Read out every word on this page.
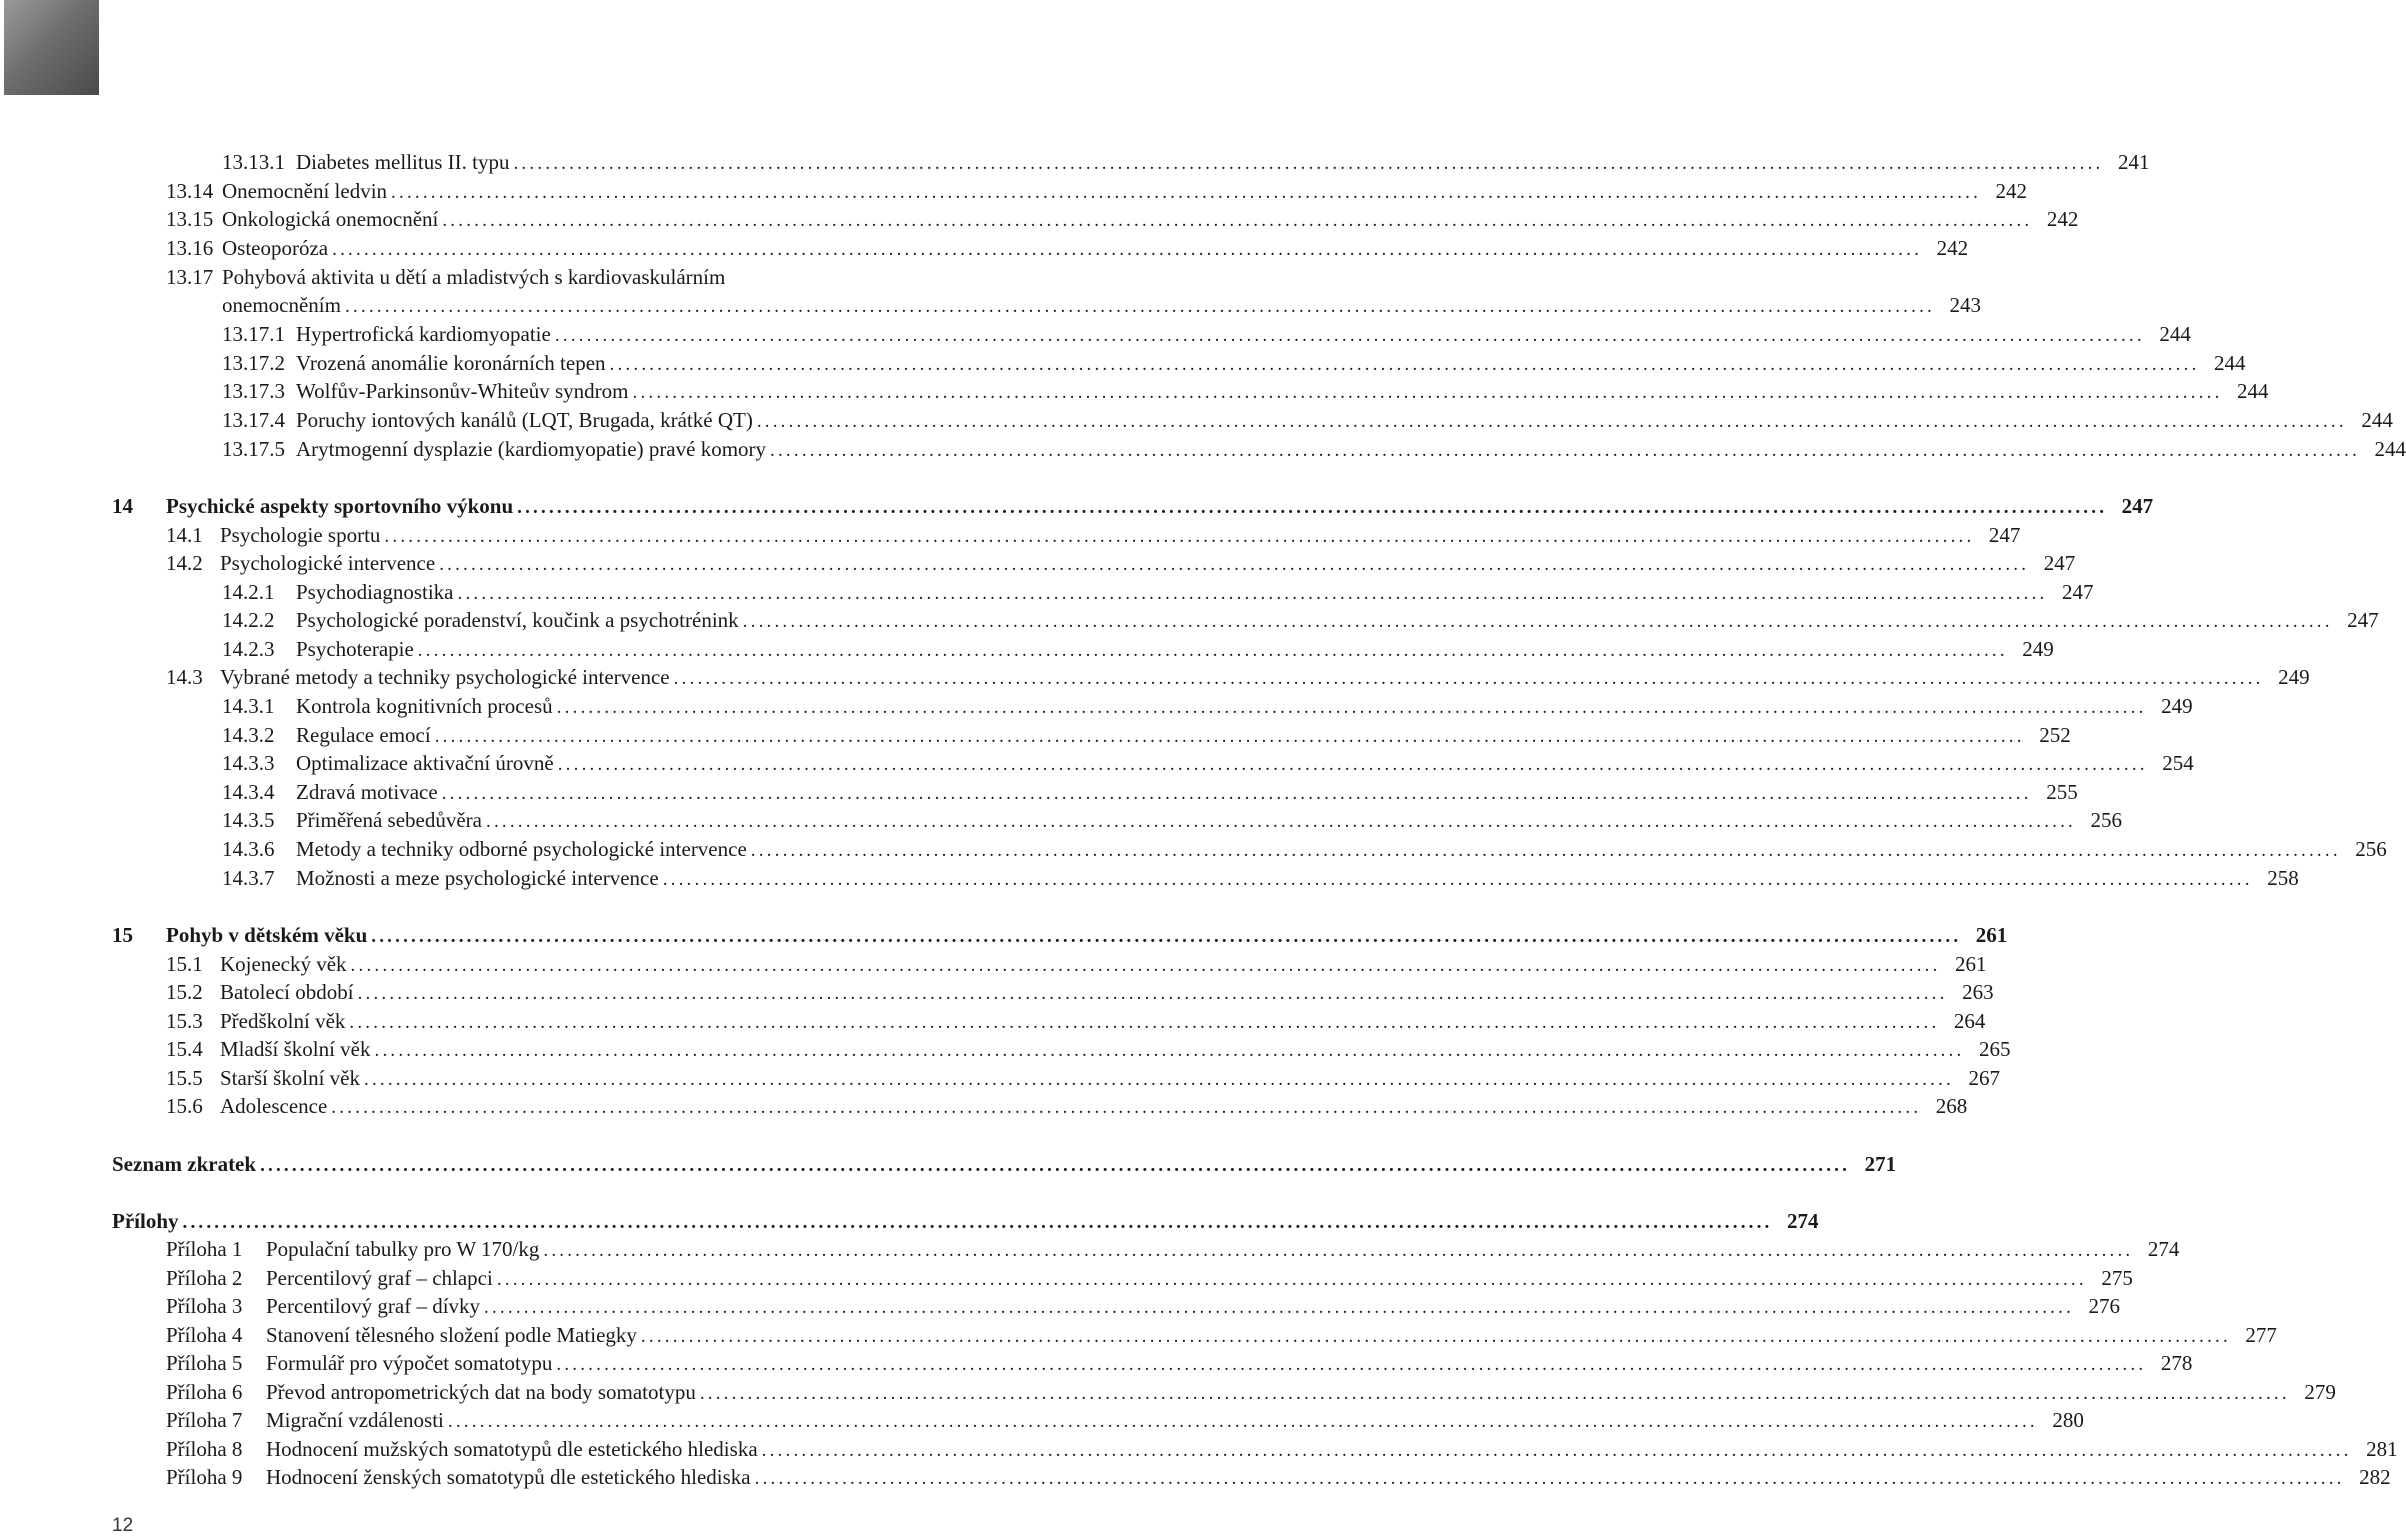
13.13.1 Diabetes mellitus II. typu ........................................................................................................................................................................................................ 241
13.14 Onemocnění ledvin ........................................................................................................................................................................................................ 242
13.15 Onkologická onemocnění ........................................................................................................................................................................................................ 242
13.16 Osteoporóza ........................................................................................................................................................................................................ 242
13.17 Pohybová aktivita u dětí a mladistvých s kardiovaskulárním
onemocněním ........................................................................................................................................................................................................ 243
13.17.1 Hypertrofická kardiomyopatie ........................................................................................................................................................................................................ 244
13.17.2 Vrozená anomálie koronárních tepen ........................................................................................................................................................................................................ 244
13.17.3 Wolfův-Parkinsonův-Whiteův syndrom ........................................................................................................................................................................................................ 244
13.17.4 Poruchy iontových kanálů (LQT, Brugada, krátké QT) ........................................................................................................................................................................................................ 244
13.17.5 Arytmogenní dysplazie (kardiomyopatie) pravé komory ........................................................................................................................................................................................................ 244
14	Psychické aspekty sportovního výkonu ........................................................................................................................................................................................................ 247
14.1 Psychologie sportu ........................................................................................................................................................................................................ 247
14.2 Psychologické intervence ........................................................................................................................................................................................................ 247
14.2.1	Psychodiagnostika ........................................................................................................................................................................................................ 247
14.2.2	Psychologické poradenství, koučink a psychotrénink ........................................................................................................................................................................................................ 247
14.2.3	Psychoterapie ........................................................................................................................................................................................................ 249
14.3 Vybrané metody a techniky psychologické intervence ........................................................................................................................................................................................................ 249
14.3.1	Kontrola kognitivních procesů ........................................................................................................................................................................................................ 249
14.3.2	Regulace emocí ........................................................................................................................................................................................................ 252
14.3.3	Optimalizace aktivační úrovně ........................................................................................................................................................................................................ 254
14.3.4	Zdravá motivace ........................................................................................................................................................................................................ 255
14.3.5	Přiměřená sebedůvěra ........................................................................................................................................................................................................ 256
14.3.6	Metody a techniky odborné psychologické intervence ........................................................................................................................................................................................................ 256
14.3.7	Možnosti a meze psychologické intervence ........................................................................................................................................................................................................ 258
15	Pohyb v dětském věku ........................................................................................................................................................................................................ 261
15.1 Kojenecký věk ........................................................................................................................................................................................................ 261
15.2 Batolecí období ........................................................................................................................................................................................................ 263
15.3 Předškolní věk ........................................................................................................................................................................................................ 264
15.4 Mladší školní věk ........................................................................................................................................................................................................ 265
15.5 Starší školní věk ........................................................................................................................................................................................................ 267
15.6 Adolescence ........................................................................................................................................................................................................ 268
Seznam zkratek ........................................................................................................................................................................................................ 271
Přílohy ........................................................................................................................................................................................................ 274
Příloha 1	Populační tabulky pro W 170/kg ........................................................................................................................................................................................................ 274
Příloha 2	Percentilový graf – chlapci ........................................................................................................................................................................................................ 275
Příloha 3	Percentilový graf – dívky ........................................................................................................................................................................................................ 276
Příloha 4	Stanovení tělesného složení podle Matiegky ........................................................................................................................................................................................................ 277
Příloha 5	Formulář pro výpočet somatotypu ........................................................................................................................................................................................................ 278
Příloha 6	Převod antropometrických dat na body somatotypu ........................................................................................................................................................................................................ 279
Příloha 7	Migrační vzdálenosti ........................................................................................................................................................................................................ 280
Příloha 8	Hodnocení mužských somatotypů dle estetického hlediska ........................................................................................................................................................................................................ 281
Příloha 9	Hodnocení ženských somatotypů dle estetického hlediska ........................................................................................................................................................................................................ 282
12
